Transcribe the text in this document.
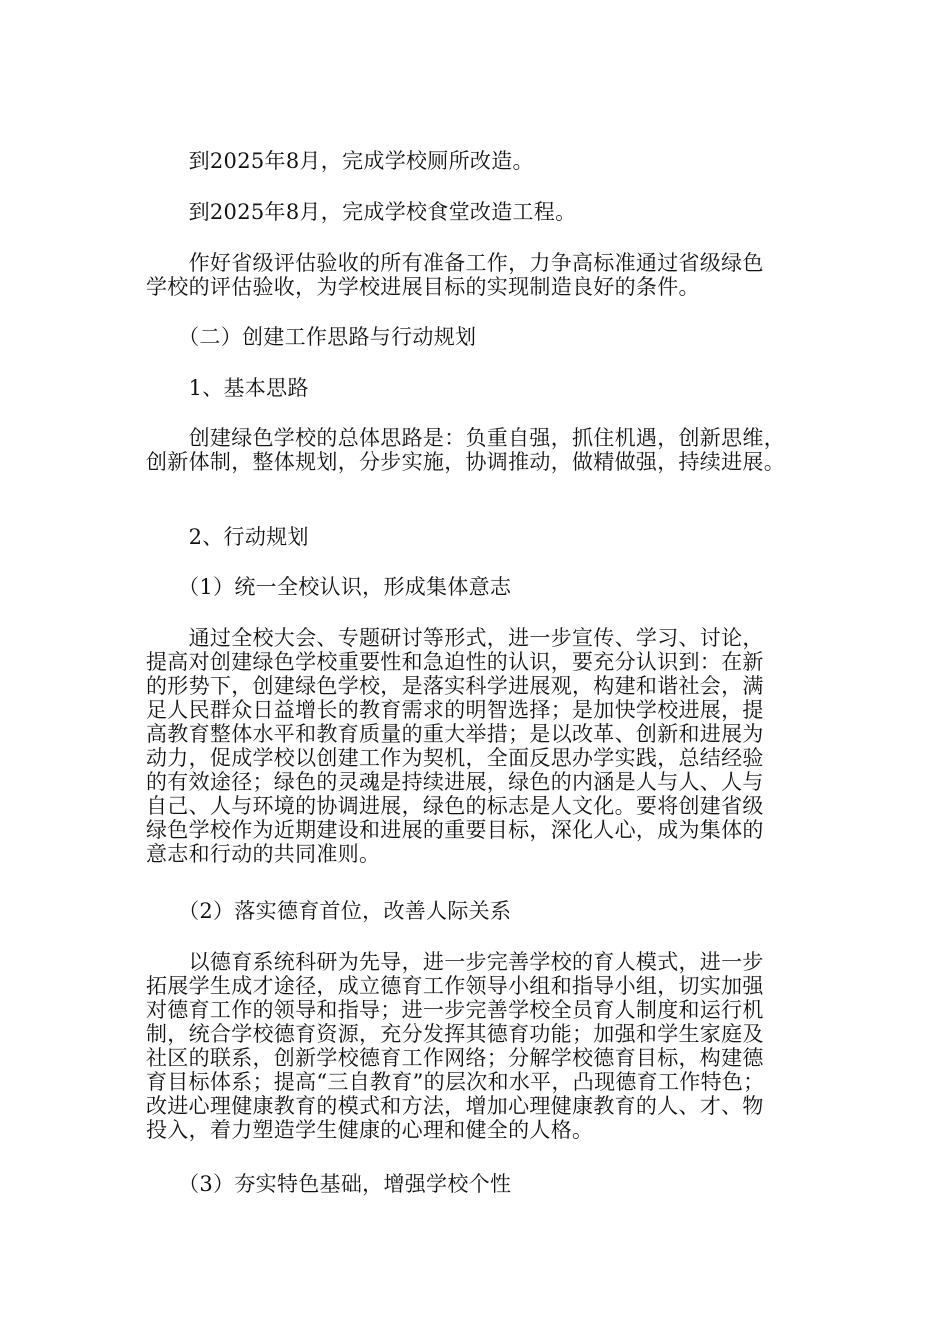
　　到2025年8月，完成学校厕所改造。
　　到2025年8月，完成学校食堂改造工程。
　　作好省级评估验收的所有准备工作，力争高标准通过省级绿色
学校的评估验收，为学校进展目标的实现制造良好的条件。
　　（二）创建工作思路与行动规划
　　1、基本思路
　　创建绿色学校的总体思路是：负重自强，抓住机遇，创新思维，
创新体制，整体规划，分步实施，协调推动，做精做强，持续进展。
　　2、行动规划
　　（1）统一全校认识，形成集体意志
　　通过全校大会、专题研讨等形式，进一步宣传、学习、讨论，
提高对创建绿色学校重要性和急迫性的认识，要充分认识到：在新
的形势下，创建绿色学校，是落实科学进展观，构建和谐社会，满
足人民群众日益增长的教育需求的明智选择；是加快学校进展，提
高教育整体水平和教育质量的重大举措；是以改革、创新和进展为
动力，促成学校以创建工作为契机，全面反思办学实践，总结经验
的有效途径；绿色的灵魂是持续进展，绿色的内涵是人与人、人与
自己、人与环境的协调进展，绿色的标志是人文化。要将创建省级
绿色学校作为近期建设和进展的重要目标，深化人心，成为集体的
意志和行动的共同准则。
　　（2）落实德育首位，改善人际关系
　　以德育系统科研为先导，进一步完善学校的育人模式，进一步
拓展学生成才途径，成立德育工作领导小组和指导小组，切实加强
对德育工作的领导和指导；进一步完善学校全员育人制度和运行机
制，统合学校德育资源，充分发挥其德育功能；加强和学生家庭及
社区的联系，创新学校德育工作网络；分解学校德育目标，构建德
育目标体系；提高“三自教育”的层次和水平，凸现德育工作特色；
改进心理健康教育的模式和方法，增加心理健康教育的人、才、物
投入，着力塑造学生健康的心理和健全的人格。
　　（3）夯实特色基础，增强学校个性
